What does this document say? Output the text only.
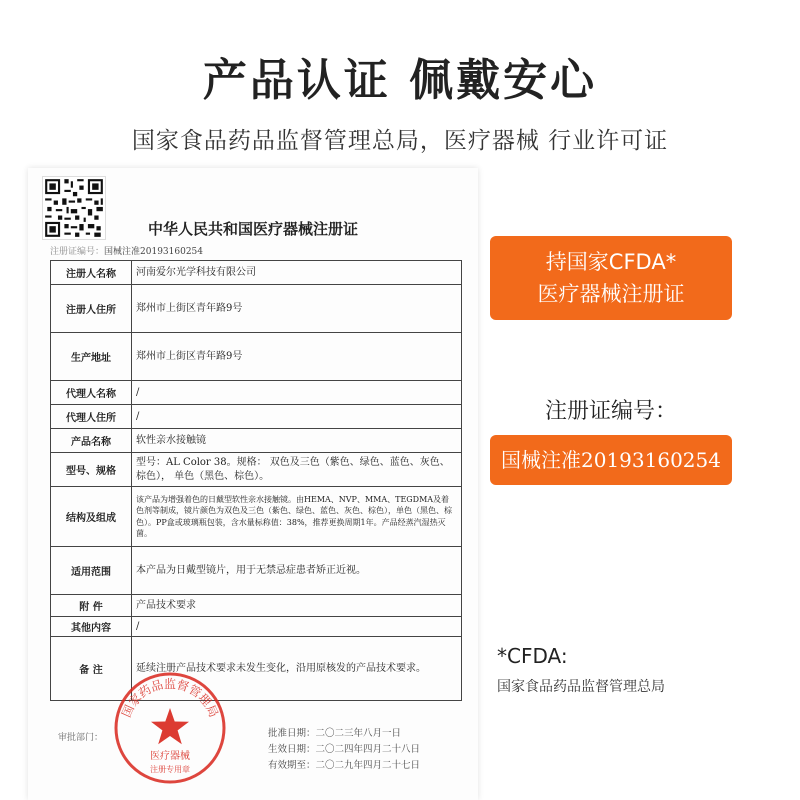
产品认证 佩戴安心
国家食品药品监督管理总局，医疗器械 行业许可证
中华人民共和国医疗器械注册证
注册证编号：国械注准20193160254
注册人名称	河南爱尔光学科技有限公司
注册人住所	郑州市上街区青年路9号
生产地址	郑州市上街区青年路9号
代理人名称	/
代理人住所	/
产品名称	软性亲水接触镜
型号、规格	型号：AL Color 38。规格： 双色及三色（紫色、绿色、蓝色、灰色、棕色）， 单色（黑色、棕色）。
结构及组成	该产品为增强着色的日戴型软性亲水接触镜。由HEMA、NVP、MMA、TEGDMA及着色剂等制成，镜片颜色为双色及三色（紫色、绿色、蓝色、灰色、棕色），单色（黑色、棕色）。PP盒或玻璃瓶包装，含水量标称值：38%，推荐更换周期1年。产品经蒸汽湿热灭菌。
适用范围	本产品为日戴型镜片，用于无禁忌症患者矫正近视。
附 件	产品技术要求
其他内容	/
备 注	延续注册产品技术要求未发生变化，沿用原核发的产品技术要求。
审批部门：	批准日期：二〇二三年八月一日
生效日期：二〇二四年四月二十八日
有效期至：二〇二九年四月二十七日
国家药品监督管理局
医疗器械
注册专用章
持国家CFDA*
医疗器械注册证
注册证编号：
国械注准20193160254
*CFDA:
国家食品药品监督管理总局
